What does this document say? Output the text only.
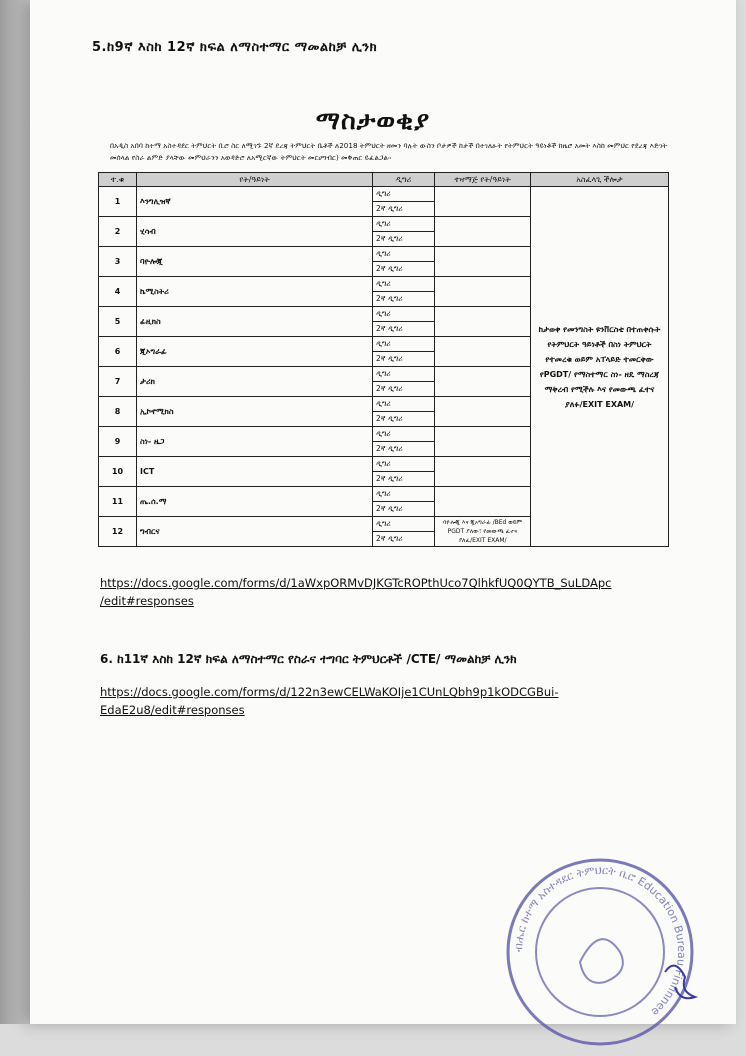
5.ከ9ኛ እስከ 12ኛ ክፍል ለማስተማር ማመልከቻ ሊንክ
ማስታወቂያ
በአዲስ አበባ ከተማ አስተዳደር ትምህርት ቢሮ ስር ለሚገኙ 2ኛ ደረጃ ትምህርት ቤቶች ለ2018 ትምህርት ዘመን ባሉት ውስን ቦታዎች ከታች በተገለፁት የትምህርት ዓይነቶች ከዜሮ አመት እስከ መምህር የደረጃ እድገት መሰላል የስራ ልምድ ያላቸው መምህራንን አወዳድሮ ለአሚርኛው ትምህርት መርሀግብር) መቅጠር ይፈልጋል፡፡
ተ.ቁ	የት/ዓይነት	ዲግሪ	ተዛማጅ የት/ዓይነት	አስፈላጊ ችሎታ
1	እንግሊዝኛ	ዲግሪ		ከታወቀ የመንግስት ዩንቨርስቲ በተጠቀሱት የትምህርት ዓይነቶች በስነ ትምህርት የተመረቁ ወይም አፐላይድ ተመርቀው የPGDT/ የማስተማር ስነ- ዘዴ ማስረጃ ማቅረብ የሚችሉ እና የመውጫ ፈተና ያለፉ/EXIT EXAM/
		2ኛ ዲግሪ		
2	ሂሳብ	ዲግሪ		
		2ኛ ዲግሪ		
3	ባዮሎጂ	ዲግሪ		
		2ኛ ዲግሪ		
4	ኬሚስትሪ	ዲግሪ		
		2ኛ ዲግሪ		
5	ፊዚክስ	ዲግሪ		
		2ኛ ዲግሪ		
6	ጂኦግራፊ	ዲግሪ		
		2ኛ ዲግሪ		
7	ታሪክ	ዲግሪ		
		2ኛ ዲግሪ		
8	ኢኮኖሚክስ	ዲግሪ		
		2ኛ ዲግሪ		
9	ስነ- ዜጋ	ዲግሪ		
		2ኛ ዲግሪ		
10	ICT	ዲግሪ		
		2ኛ ዲግሪ		
11	ጤ.ሰ.ማ	ዲግሪ		
		2ኛ ዲግሪ		
12	ግብርና	ዲግሪ	ባዮሎጂ እና ጂኦግራፊ /BEd ወይም PGDT ያለው፣ የመውጫ ፈተና ያለፈ/EXIT EXAM/	
		2ኛ ዲግሪ		
https://docs.google.com/forms/d/1aWxpORMvDJKGTcROPthUco7QlhkfUQ0QYTB_SuLDApc /edit#responses
6. ከ11ኛ እስከ 12ኛ ክፍል ለማስተማር የስራና ተግባር ትምህርቶች /CTE/ ማመልከቻ ሊንክ
https://docs.google.com/forms/d/122n3ewCELWaKOIje1CUnLQbh9p1kODCGBui-EdaE2u8/edit#responses
ብሔር ከተማ አስተዳደር ትምህርት ቢሮ Education Bureau Finfinnee
